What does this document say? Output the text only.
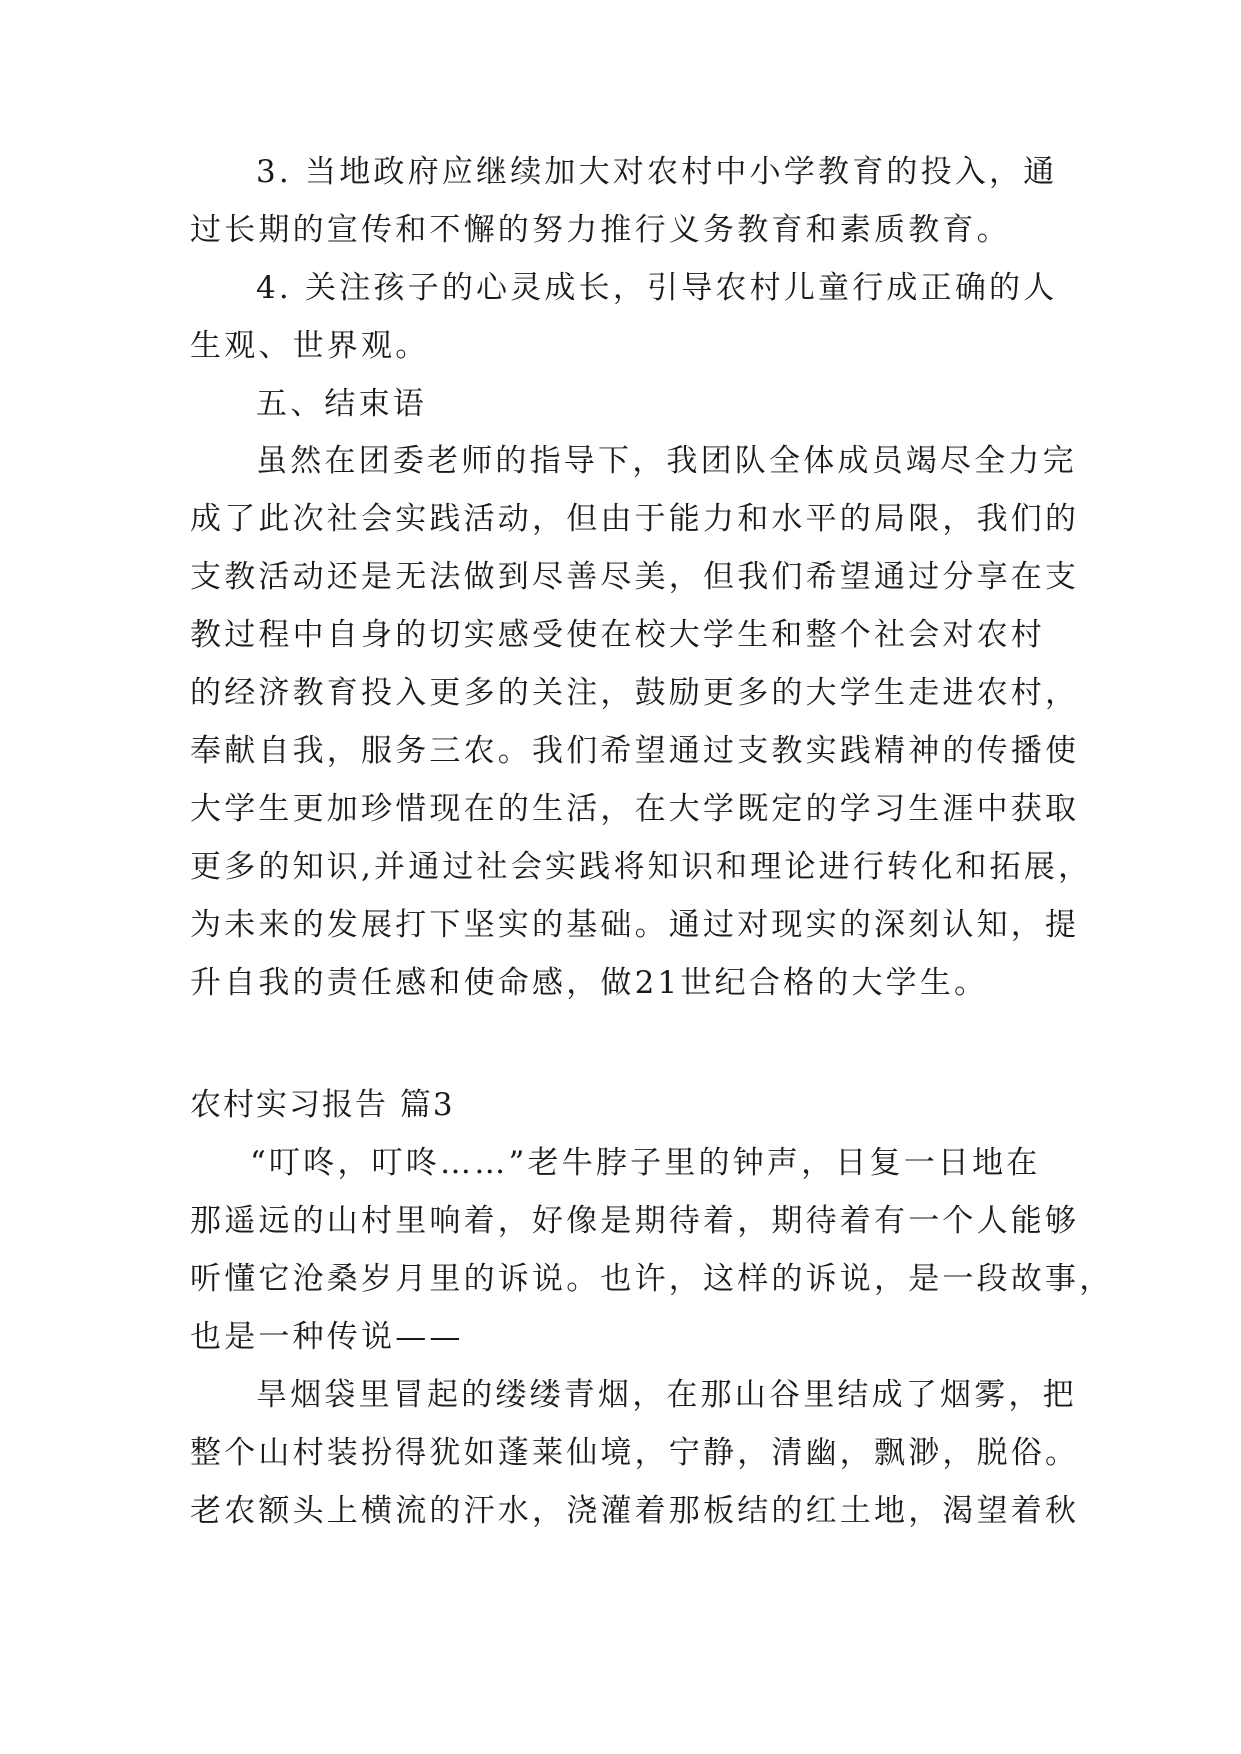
3. 当地政府应继续加大对农村中小学教育的投入，通
过长期的宣传和不懈的努力推行义务教育和素质教育。
4. 关注孩子的心灵成长，引导农村儿童行成正确的人
生观、世界观。
五、结束语
虽然在团委老师的指导下，我团队全体成员竭尽全力完
成了此次社会实践活动，但由于能力和水平的局限，我们的
支教活动还是无法做到尽善尽美，但我们希望通过分享在支
教过程中自身的切实感受使在校大学生和整个社会对农村
的经济教育投入更多的关注，鼓励更多的大学生走进农村，
奉献自我，服务三农。我们希望通过支教实践精神的传播使
大学生更加珍惜现在的生活，在大学既定的学习生涯中获取
更多的知识,并通过社会实践将知识和理论进行转化和拓展，
为未来的发展打下坚实的基础。通过对现实的深刻认知，提
升自我的责任感和使命感，做21世纪合格的大学生。
农村实习报告 篇3
“叮咚，叮咚……”老牛脖子里的钟声，日复一日地在
那遥远的山村里响着，好像是期待着，期待着有一个人能够
听懂它沧桑岁月里的诉说。也许，这样的诉说，是一段故事，
也是一种传说——
旱烟袋里冒起的缕缕青烟，在那山谷里结成了烟雾，把
整个山村装扮得犹如蓬莱仙境，宁静，清幽，飘渺，脱俗。
老农额头上横流的汗水，浇灌着那板结的红土地，渴望着秋
